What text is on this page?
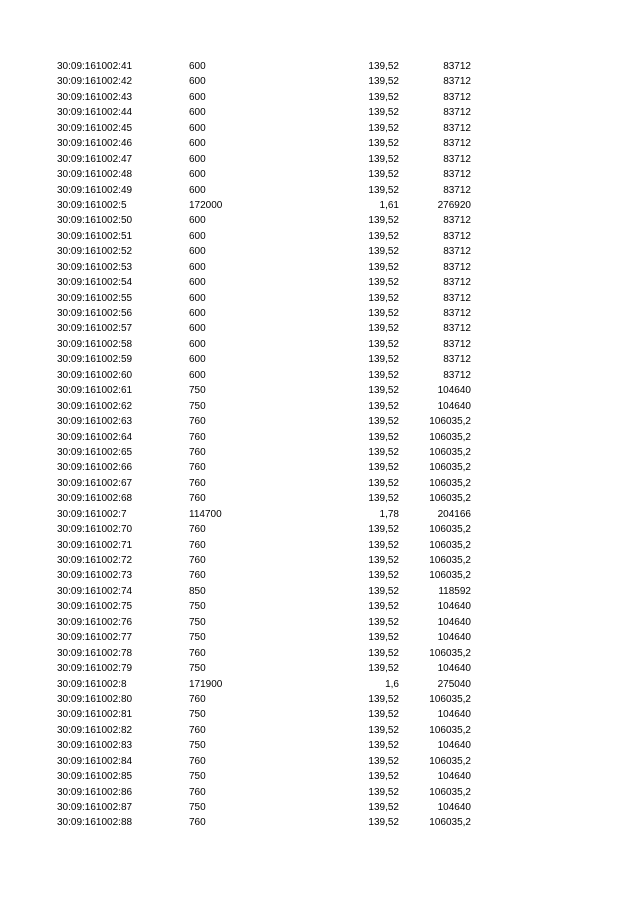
30:09:161002:41	600	139,52	83712
30:09:161002:42	600	139,52	83712
30:09:161002:43	600	139,52	83712
30:09:161002:44	600	139,52	83712
30:09:161002:45	600	139,52	83712
30:09:161002:46	600	139,52	83712
30:09:161002:47	600	139,52	83712
30:09:161002:48	600	139,52	83712
30:09:161002:49	600	139,52	83712
30:09:161002:5	172000	1,61	276920
30:09:161002:50	600	139,52	83712
30:09:161002:51	600	139,52	83712
30:09:161002:52	600	139,52	83712
30:09:161002:53	600	139,52	83712
30:09:161002:54	600	139,52	83712
30:09:161002:55	600	139,52	83712
30:09:161002:56	600	139,52	83712
30:09:161002:57	600	139,52	83712
30:09:161002:58	600	139,52	83712
30:09:161002:59	600	139,52	83712
30:09:161002:60	600	139,52	83712
30:09:161002:61	750	139,52	104640
30:09:161002:62	750	139,52	104640
30:09:161002:63	760	139,52	106035,2
30:09:161002:64	760	139,52	106035,2
30:09:161002:65	760	139,52	106035,2
30:09:161002:66	760	139,52	106035,2
30:09:161002:67	760	139,52	106035,2
30:09:161002:68	760	139,52	106035,2
30:09:161002:7	114700	1,78	204166
30:09:161002:70	760	139,52	106035,2
30:09:161002:71	760	139,52	106035,2
30:09:161002:72	760	139,52	106035,2
30:09:161002:73	760	139,52	106035,2
30:09:161002:74	850	139,52	118592
30:09:161002:75	750	139,52	104640
30:09:161002:76	750	139,52	104640
30:09:161002:77	750	139,52	104640
30:09:161002:78	760	139,52	106035,2
30:09:161002:79	750	139,52	104640
30:09:161002:8	171900	1,6	275040
30:09:161002:80	760	139,52	106035,2
30:09:161002:81	750	139,52	104640
30:09:161002:82	760	139,52	106035,2
30:09:161002:83	750	139,52	104640
30:09:161002:84	760	139,52	106035,2
30:09:161002:85	750	139,52	104640
30:09:161002:86	760	139,52	106035,2
30:09:161002:87	750	139,52	104640
30:09:161002:88	760	139,52	106035,2
